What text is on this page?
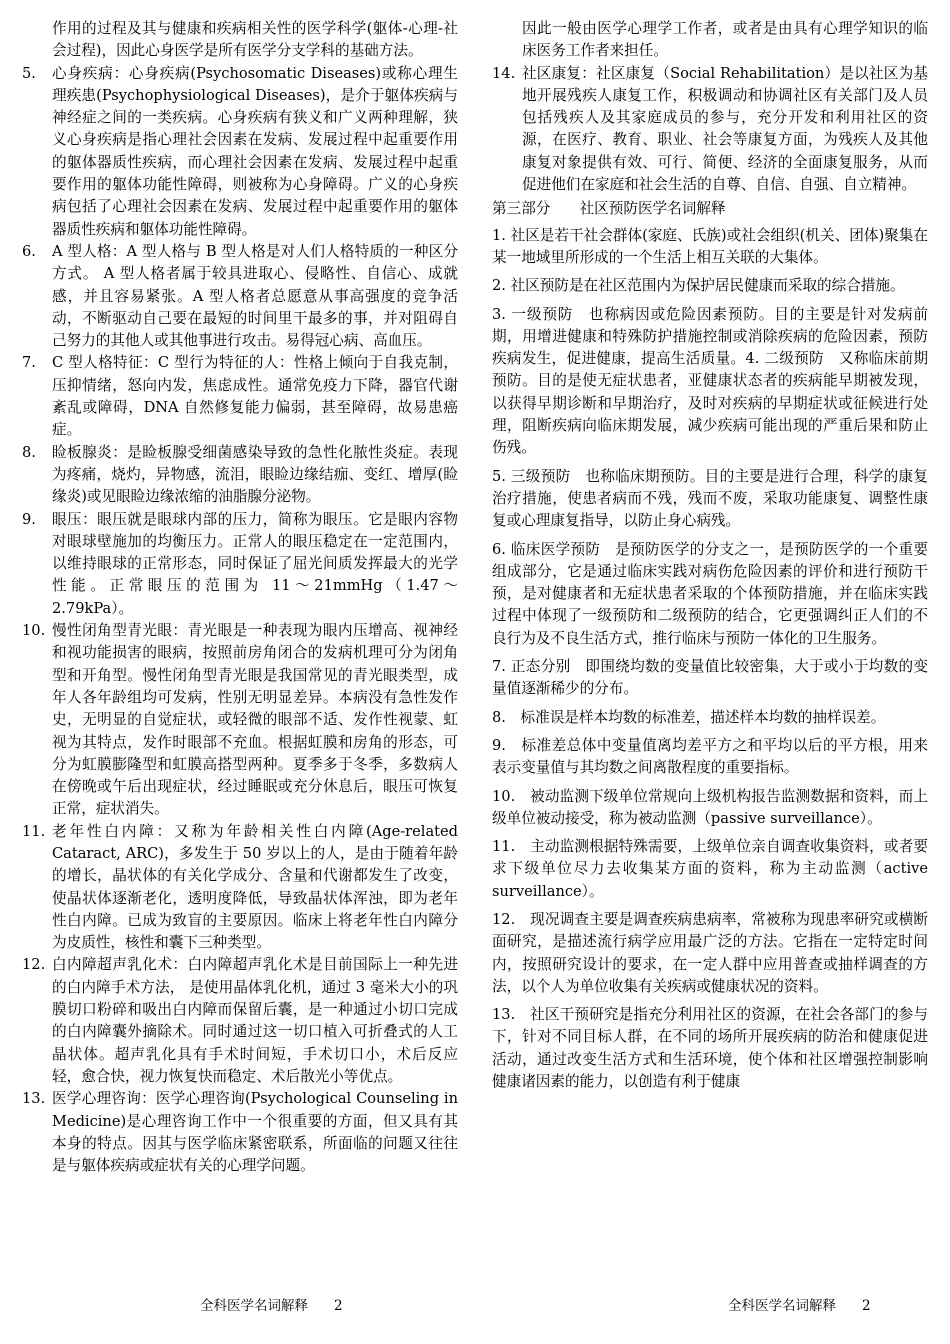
作用的过程及其与健康和疾病相关性的医学科学(躯体-心理-社会过程)，因此心身医学是所有医学分支学科的基础方法。

5.	心身疾病：心身疾病(Psychosomatic Diseases)或称心理生理疾患(Psychophysiological Diseases)，是介于躯体疾病与神经症之间的一类疾病。心身疾病有狭义和广义两种理解，狭义心身疾病是指心理社会因素在发病、发展过程中起重要作用的躯体器质性疾病，而心理社会因素在发病、发展过程中起重要作用的躯体功能性障碍，则被称为心身障碍。广义的心身疾病包括了心理社会因素在发病、发展过程中起重要作用的躯体器质性疾病和躯体功能性障碍。
6.	A 型人格：A 型人格与 B 型人格是对人们人格特质的一种区分方式。 A 型人格者属于较具进取心、侵略性、自信心、成就感，并且容易紧张。A 型人格者总愿意从事高强度的竞争活动，不断驱动自己要在最短的时间里干最多的事，并对阻碍自己努力的其他人或其他事进行攻击。易得冠心病、高血压。
7.	C 型人格特征：C 型行为特征的人：性格上倾向于自我克制，压抑情绪，怒向内发，焦虑成性。通常免疫力下降，器官代谢紊乱或障碍，DNA 自然修复能力偏弱，甚至障碍，故易患癌症。
8.	睑板腺炎：是睑板腺受细菌感染导致的急性化脓性炎症。表现为疼痛，烧灼，异物感，流泪，眼睑边缘结痂、变红、增厚(睑缘炎)或见眼睑边缘浓缩的油脂腺分泌物。
9.	眼压：眼压就是眼球内部的压力，简称为眼压。它是眼内容物对眼球壁施加的均衡压力。正常人的眼压稳定在一定范围内，以维持眼球的正常形态，同时保证了屈光间质发挥最大的光学性能。正常眼压的范围为 11～21mmHg（1.47～2.79kPa）。
10. 慢性闭角型青光眼：青光眼是一种表现为眼内压增高、视神经和视功能损害的眼病，按照前房角闭合的发病机理可分为闭角型和开角型。慢性闭角型青光眼是我国常见的青光眼类型，成年人各年龄组均可发病，性别无明显差异。本病没有急性发作史，无明显的自觉症状，或轻微的眼部不适、发作性视蒙、虹视为其特点，发作时眼部不充血。根据虹膜和房角的形态，可分为虹膜膨隆型和虹膜高搭型两种。夏季多于冬季，多数病人在傍晚或午后出现症状，经过睡眠或充分休息后，眼压可恢复正常，症状消失。
11. 老年性白内障：又称为年龄相关性白内障(Age-related Cataract, ARC)，多发生于 50 岁以上的人，是由于随着年龄的增长，晶状体的有关化学成分、含量和代谢都发生了改变，使晶状体逐渐老化，透明度降低，导致晶状体浑浊，即为老年性白内障。已成为致盲的主要原因。临床上将老年性白内障分为皮质性，核性和囊下三种类型。
12. 白内障超声乳化术：白内障超声乳化术是目前国际上一种先进的白内障手术方法， 是使用晶体乳化机，通过 3 毫米大小的巩膜切口粉碎和吸出白内障而保留后囊，是一种通过小切口完成的白内障囊外摘除术。同时通过这一切口植入可折叠式的人工晶状体。超声乳化具有手术时间短，手术切口小，术后反应轻，愈合快，视力恢复快而稳定、术后散光小等优点。
13. 医学心理咨询：医学心理咨询(Psychological Counseling in Medicine)是心理咨询工作中一个很重要的方面，但又具有其本身的特点。因其与医学临床紧密联系，所面临的问题又往往是与躯体疾病或症状有关的心理学问题。

因此一般由医学心理学工作者，或者是由具有心理学知识的临床医务工作者来担任。

14. 社区康复：社区康复（Social Rehabilitation）是以社区为基地开展残疾人康复工作，积极调动和协调社区有关部门及人员包括残疾人及其家庭成员的参与，充分开发和利用社区的资源，在医疗、教育、职业、社会等康复方面，为残疾人及其他康复对象提供有效、可行、简便、经济的全面康复服务，从而促进他们在家庭和社会生活的自尊、自信、自强、自立精神。
第三部分　　社区预防医学名词解释

1. 社区是若干社会群体(家庭、氏族)或社会组织(机关、团体)聚集在某一地域里所形成的一个生活上相互关联的大集体。

2. 社区预防是在社区范围内为保护居民健康而采取的综合措施。

3. 一级预防　也称病因或危险因素预防。目的主要是针对发病前期，用增进健康和特殊防护措施控制或消除疾病的危险因素，预防疾病发生，促进健康，提高生活质量。4. 二级预防　又称临床前期预防。目的是使无症状患者，亚健康状态者的疾病能早期被发现，以获得早期诊断和早期治疗，及时对疾病的早期症状或征候进行处理，阻断疾病向临床期发展，减少疾病可能出现的严重后果和防止伤残。

5. 三级预防　也称临床期预防。目的主要是进行合理，科学的康复治疗措施，使患者病而不残，残而不废，采取功能康复、调整性康复或心理康复指导，以防止身心病残。

6. 临床医学预防　是预防医学的分支之一，是预防医学的一个重要组成部分，它是通过临床实践对病伤危险因素的评价和进行预防干预，是对健康者和无症状患者采取的个体预防措施，并在临床实践过程中体现了一级预防和二级预防的结合，它更强调纠正人们的不良行为及不良生活方式，推行临床与预防一体化的卫生服务。

7. 正态分别　即围绕均数的变量值比较密集，大于或小于均数的变量值逐渐稀少的分布。

8.　标准误是样本均数的标准差，描述样本均数的抽样误差。

9.　标准差总体中变量值离均差平方之和平均以后的平方根，用来表示变量值与其均数之间离散程度的重要指标。

10.　被动监测下级单位常规向上级机构报告监测数据和资料，而上级单位被动接受，称为被动监测（passive surveillance）。

11.　主动监测根据特殊需要，上级单位亲自调查收集资料，或者要求下级单位尽力去收集某方面的资料，称为主动监测（active surveillance）。

12.　现况调查主要是调查疾病患病率，常被称为现患率研究或横断面研究，是描述流行病学应用最广泛的方法。它指在一定特定时间内，按照研究设计的要求，在一定人群中应用普查或抽样调查的方法，以个人为单位收集有关疾病或健康状况的资料。

13.　社区干预研究是指充分利用社区的资源，在社会各部门的参与下，针对不同目标人群，在不同的场所开展疾病的防治和健康促进活动，通过改变生活方式和生活环境，使个体和社区增强控制影响健康诸因素的能力，以创造有利于健康

全科医学名词解释 2	全科医学名词解释 2
